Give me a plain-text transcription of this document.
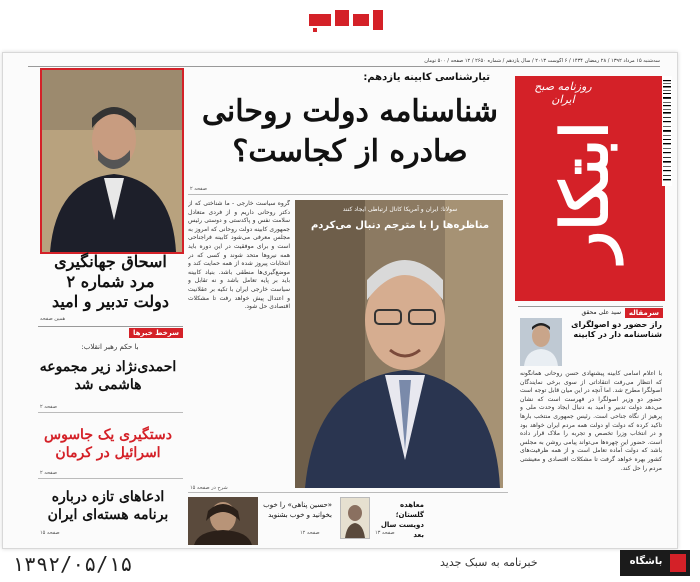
سه‌شنبه ۱۵ مرداد ۱۳۹۲ / ۲۸ رمضان ۱۴۳۴ / ۶ آگوست ۲۰۱۳ / سال یازدهم / شماره ۲۶۵۰ / ۱۲ صفحه / ۵۰۰ تومان
روزنامه صبح ایران
ابتکار
سرمقاله
سید علی محقق
راز حضور دو اصولگرای شناسنامه دار در کابینه
با اعلام اسامی کابینه پیشنهادی حسن روحانی همانگونه که انتظار می‌رفت انتقاداتی از سوی برخی نمایندگان اصولگرا مطرح شد. اما آنچه در این میان قابل توجه است حضور دو وزیر اصولگرا در فهرست است که نشان می‌دهد دولت تدبیر و امید به دنبال ایجاد وحدت ملی و پرهیز از نگاه جناحی است. رئیس جمهوری منتخب بارها تاکید کرده که دولت او دولت همه مردم ایران خواهد بود و در انتخاب وزرا تخصص و تجربه را ملاک قرار داده است. حضور این چهره‌ها می‌تواند پیامی روشن به مجلس باشد که دولت آماده تعامل است و از همه ظرفیت‌های کشور بهره خواهد گرفت تا مشکلات اقتصادی و معیشتی مردم را حل کند.
تیارشناسی کابینه یازدهم:
شناسنامه دولت روحانی
صادره از کجاست؟
صفحه ۲
گروه سیاست خارجی - ما شناختی که از دکتر روحانی داریم و از فردی متعادل سلامت نفس و پاکدستی و دوستی رئیس جمهوری کابینه دولت روحانی که امروز به مجلس معرفی می‌شود کابینه فراجناحی است و برای موفقیت در این دوره باید همه نیروها متحد شوند و کسی که در انتخابات پیروز شده از همه حمایت کند و موضع‌گیری‌ها منطقی باشد. بنیاد کابینه باید بر پایه تعامل باشد و نه تقابل و سیاست خارجی ایران با تکیه بر عقلانیت و اعتدال پیش خواهد رفت تا مشکلات اقتصادی حل شود.
شرح در صفحه ۱۵
سولانا: ایران و آمریکا کانال ارتباطی ایجاد کنند
مناظره‌ها را با مترجم دنبال می‌کردم
اسحاق جهانگیری
مرد شماره ۲
دولت تدبیر و امید
همین صفحه
سرخط خبرها
با حکم رهبر انقلاب:
احمدی‌نژاد زیر مجموعه هاشمی شد
صفحه ۲
دستگیری یک جاسوس اسرائیل در کرمان
صفحه ۲
ادعاهای تازه درباره برنامه هسته‌ای ایران
صفحه ۱۵
«حسین پناهی» را خوب بخوانید و خوب بشنوید
صفحه ۱۲
معاهده گلستان؛ دویست سال بعد
صفحه ۱۳
۱۳۹۲/۰۵/۱۵	خبرنامه به سبک جدید	باشگاه
